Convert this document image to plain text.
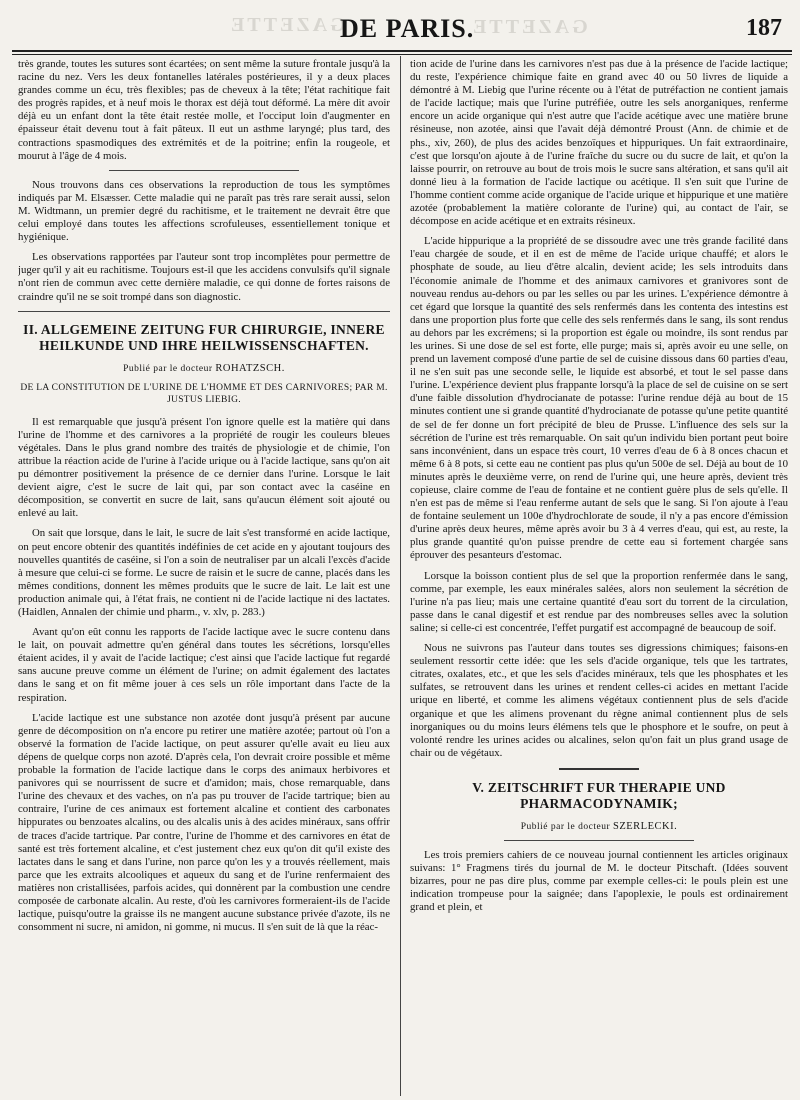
GAZETTE
DE PARIS.
GAZETTE	187

très grande, toutes les sutures sont écartées; on sent même la suture frontale jusqu'à la racine du nez. Vers les deux fontanelles latérales postérieures, il y a deux places grandes comme un écu, très flexibles; pas de cheveux à la tête; l'état rachitique fait des progrès rapides, et à neuf mois le thorax est déjà tout déformé. La mère dit avoir déjà eu un enfant dont la tête était restée molle, et l'occiput loin d'augmenter en épaisseur était devenu tout à fait pâteux. Il eut un asthme laryngé; plus tard, des contractions spasmodiques des extrémités et de la poitrine; enfin la rougeole, et mourut à l'âge de 4 mois.

Nous trouvons dans ces observations la reproduction de tous les symptômes indiqués par M. Elsæsser. Cette maladie qui ne paraît pas très rare serait aussi, selon M. Widtmann, un premier degré du rachitisme, et le traitement ne devrait être que celui employé dans toutes les affections scrofuleuses, essentiellement tonique et hygiénique.

Les observations rapportées par l'auteur sont trop incomplètes pour permettre de juger qu'il y ait eu rachitisme. Toujours est-il que les accidens convulsifs qu'il signale n'ont rien de commun avec cette dernière maladie, ce qui donne de fortes raisons de craindre qu'il ne se soit trompé dans son diagnostic.

II. ALLGEMEINE ZEITUNG FUR CHIRURGIE, INNERE HEILKUNDE UND IHRE HEILWISSENSCHAFTEN.
Publié par le docteur ROHATZSCH.
DE LA CONSTITUTION DE L'URINE DE L'HOMME ET DES CARNIVORES; PAR M. JUSTUS LIEBIG.

Il est remarquable que jusqu'à présent l'on ignore quelle est la matière qui dans l'urine de l'homme et des carnivores a la propriété de rougir les couleurs bleues végétales. Dans le plus grand nombre des traités de physiologie et de chimie, l'on attribue la réaction acide de l'urine à l'acide urique ou à l'acide lactique, sans qu'on ait pu démontrer positivement la présence de ce dernier dans l'urine. Lorsque le lait devient aigre, c'est le sucre de lait qui, par son contact avec la caséine en décomposition, se convertit en sucre de lait, sans qu'aucun élément soit ajouté ou enlevé au lait.

On sait que lorsque, dans le lait, le sucre de lait s'est transformé en acide lactique, on peut encore obtenir des quantités indéfinies de cet acide en y ajoutant toujours des nouvelles quantités de caséine, si l'on a soin de neutraliser par un alcali l'excès d'acide à mesure que celui-ci se forme. Le sucre de raisin et le sucre de canne, placés dans les mêmes conditions, donnent les mêmes produits que le sucre de lait. Le lait est une production animale qui, à l'état frais, ne contient ni de l'acide lactique ni des lactates. (Haidlen, Annalen der chimie und pharm., v. xlv, p. 283.)

Avant qu'on eût connu les rapports de l'acide lactique avec le sucre contenu dans le lait, on pouvait admettre qu'en général dans toutes les sécrétions, lorsqu'elles étaient acides, il y avait de l'acide lactique; c'est ainsi que l'acide lactique fut regardé sans aucune preuve comme un élément de l'urine; on admit également des lactates dans le sang et on fit même jouer à ces sels un rôle important dans l'acte de la respiration.

L'acide lactique est une substance non azotée dont jusqu'à présent par aucune genre de décomposition on n'a encore pu retirer une matière azotée; partout où l'on a observé la formation de l'acide lactique, on peut assurer qu'elle avait eu lieu aux dépens de quelque corps non azoté. D'après cela, l'on devrait croire possible et même probable la formation de l'acide lactique dans le corps des animaux herbivores et panivores qui se nourrissent de sucre et d'amidon; mais, chose remarquable, dans l'urine des chevaux et des vaches, on n'a pas pu trouver de l'acide tartrique; bien au contraire, l'urine de ces animaux est fortement alcaline et contient des carbonates hippurates ou benzoates alcalins, ou des alcalis unis à des acides minéraux, sans offrir de traces d'acide tartrique. Par contre, l'urine de l'homme et des carnivores en état de santé est très fortement alcaline, et c'est justement chez eux qu'on dit qu'il existe des lactates dans le sang et dans l'urine, non parce qu'on les y a trouvés réellement, mais parce que les extraits alcooliques et aqueux du sang et de l'urine renfermaient des matières non cristallisées, parfois acides, qui donnèrent par la combustion une cendre composée de carbonate alcalin. Au reste, d'où les carnivores formeraient-ils de l'acide lactique, puisqu'outre la graisse ils ne mangent aucune substance privée d'azote, ils ne consomment ni sucre, ni amidon, ni gomme, ni mucus. Il s'en suit de là que la réac-

tion acide de l'urine dans les carnivores n'est pas due à la présence de l'acide lactique; du reste, l'expérience chimique faite en grand avec 40 ou 50 livres de liquide a démontré à M. Liebig que l'urine récente ou à l'état de putréfaction ne contient jamais de l'acide lactique; mais que l'urine putréfiée, outre les sels anorganiques, renferme encore un acide organique qui n'est autre que l'acide acétique avec une matière brune résineuse, non azotée, ainsi que l'avait déjà démontré Proust (Ann. de chimie et de phs., xiv, 260), de plus des acides benzoïques et hippuriques. Un fait extraordinaire, c'est que lorsqu'on ajoute à de l'urine fraîche du sucre ou du sucre de lait, et qu'on la laisse pourrir, on retrouve au bout de trois mois le sucre sans altération, et sans qu'il ait donné lieu à la formation de l'acide lactique ou acétique. Il s'en suit que l'urine de l'homme contient comme acide organique de l'acide urique et hippurique et une matière azotée (probablement la matière colorante de l'urine) qui, au contact de l'air, se décompose en acide acétique et en extraits résineux.

L'acide hippurique a la propriété de se dissoudre avec une très grande facilité dans l'eau chargée de soude, et il en est de même de l'acide urique chauffé; et alors le phosphate de soude, au lieu d'être alcalin, devient acide; les sels introduits dans l'économie animale de l'homme et des animaux carnivores et granivores sont de nouveau rendus au-dehors ou par les selles ou par les urines. L'expérience démontre à cet égard que lorsque la quantité des sels renfermés dans les contenta des intestins est dans une proportion plus forte que celle des sels renfermés dans le sang, ils sont rendus au dehors par les excrémens; si la proportion est égale ou moindre, ils sont rendus par les urines. Si une dose de sel est forte, elle purge; mais si, après avoir eu une selle, on prend un lavement composé d'une partie de sel de cuisine dissous dans 60 parties d'eau, il ne s'en suit pas une seconde selle, le liquide est absorbé, et tout le sel passe dans l'urine. L'expérience devient plus frappante lorsqu'à la place de sel de cuisine on se sert d'une faible dissolution d'hydrocianate de potasse: l'urine rendue déjà au bout de 15 minutes contient une si grande quantité d'hydrocianate de potasse qu'une petite quantité de sel de fer donne un fort précipité de bleu de Prusse. L'influence des sels sur la sécrétion de l'urine est très remarquable. On sait qu'un individu bien portant peut boire sans inconvénient, dans un espace très court, 10 verres d'eau de 6 à 8 onces chacun et même 6 à 8 pots, si cette eau ne contient pas plus qu'un 500e de sel. Déjà au bout de 10 minutes après le deuxième verre, on rend de l'urine qui, une heure après, devient très copieuse, claire comme de l'eau de fontaine et ne contient guère plus de sels qu'elle. Il n'en est pas de même si l'eau renferme autant de sels que le sang. Si l'on ajoute à l'eau de fontaine seulement un 100e d'hydrochlorate de soude, il n'y a pas encore d'émission d'urine après deux heures, même après avoir bu 3 à 4 verres d'eau, qui est, au reste, la plus grande quantité qu'on puisse prendre de cette eau si fortement chargée sans éprouver des pesanteurs d'estomac.

Lorsque la boisson contient plus de sel que la proportion renfermée dans le sang, comme, par exemple, les eaux minérales salées, alors non seulement la sécrétion de l'urine n'a pas lieu; mais une certaine quantité d'eau sort du torrent de la circulation, passe dans le canal digestif et est rendue par des nombreuses selles avec la solution saline; si celle-ci est concentrée, l'effet purgatif est accompagné de beaucoup de soif.

Nous ne suivrons pas l'auteur dans toutes ses digressions chimiques; faisons-en seulement ressortir cette idée: que les sels d'acide organique, tels que les tartrates, citrates, oxalates, etc., et que les sels d'acides minéraux, tels que les phosphates et les sulfates, se retrouvent dans les urines et rendent celles-ci acides en mettant l'acide urique en liberté, et comme les alimens végétaux contiennent plus de sels d'acide organique et que les alimens provenant du règne animal contiennent plus de sels inorganiques ou du moins leurs élémens tels que le phosphore et le soufre, on peut à volonté rendre les urines acides ou alcalines, selon qu'on fait un plus grand usage de chair ou de végétaux.

V. ZEITSCHRIFT FUR THERAPIE UND PHARMACODYNAMIK;
Publié par le docteur SZERLECKI.

Les trois premiers cahiers de ce nouveau journal contiennent les articles originaux suivans: 1° Fragmens tirés du journal de M. le docteur Pitschaft. (Idées souvent bizarres, pour ne pas dire plus, comme par exemple celles-ci: le pouls plein est une indication trompeuse pour la saignée; dans l'apoplexie, le pouls est ordinairement grand et plein, et
